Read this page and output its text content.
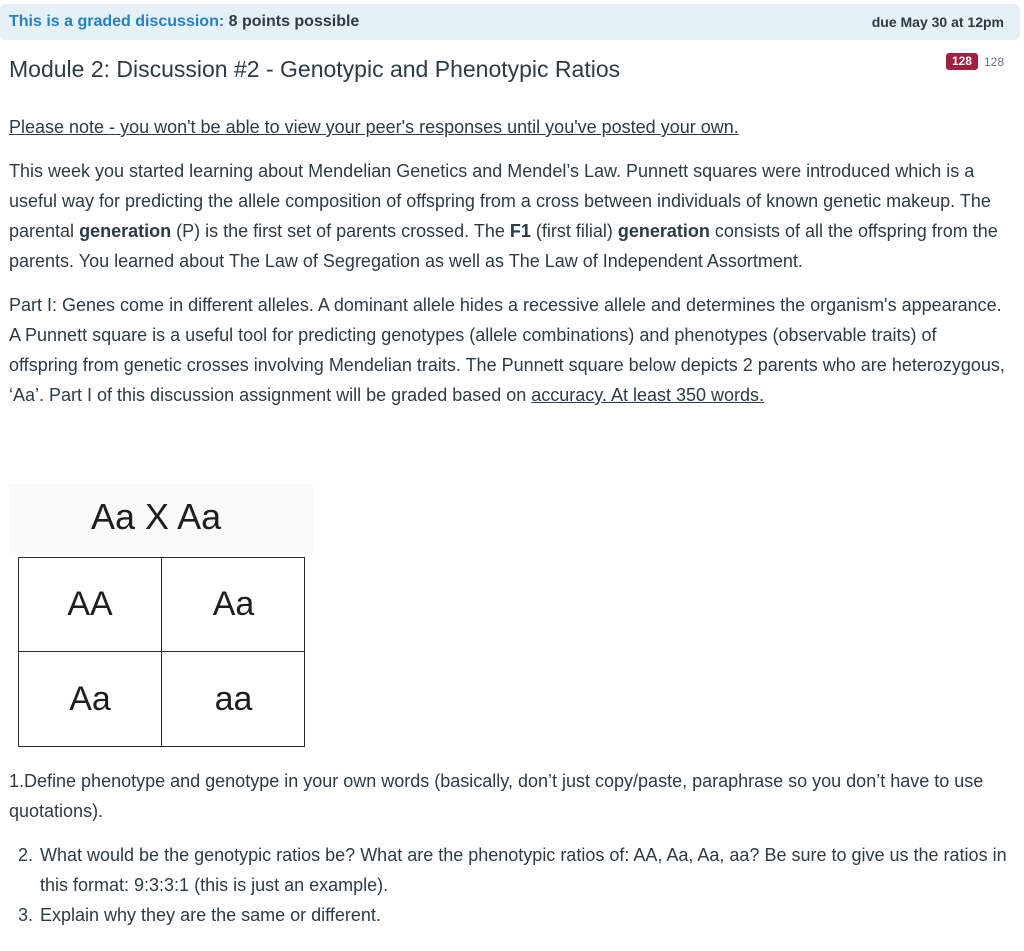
This is a graded discussion: 8 points possible	due May 30 at 12pm
Module 2: Discussion #2 - Genotypic and Phenotypic Ratios	128	128

Please note - you won't be able to view your peer's responses until you've posted your own.

This week you started learning about Mendelian Genetics and Mendel’s Law. Punnett squares were introduced which is a useful way for predicting the allele composition of offspring from a cross between individuals of known genetic makeup. The parental generation (P) is the first set of parents crossed. The F1 (first filial) generation consists of all the offspring from the parents. You learned about The Law of Segregation as well as The Law of Independent Assortment.

Part I: Genes come in different alleles. A dominant allele hides a recessive allele and determines the organism's appearance. A Punnett square is a useful tool for predicting genotypes (allele combinations) and phenotypes (observable traits) of offspring from genetic crosses involving Mendelian traits. The Punnett square below depicts 2 parents who are heterozygous, ‘Aa’. Part I of this discussion assignment will be graded based on accuracy. At least 350 words.

Aa X Aa
AA	Aa
Aa	aa

1.Define phenotype and genotype in your own words (basically, don’t just copy/paste, paraphrase so you don’t have to use quotations).

2. What would be the genotypic ratios be? What are the phenotypic ratios of: AA, Aa, Aa, aa? Be sure to give us the ratios in this format: 9:3:3:1 (this is just an example).
3. Explain why they are the same or different.
